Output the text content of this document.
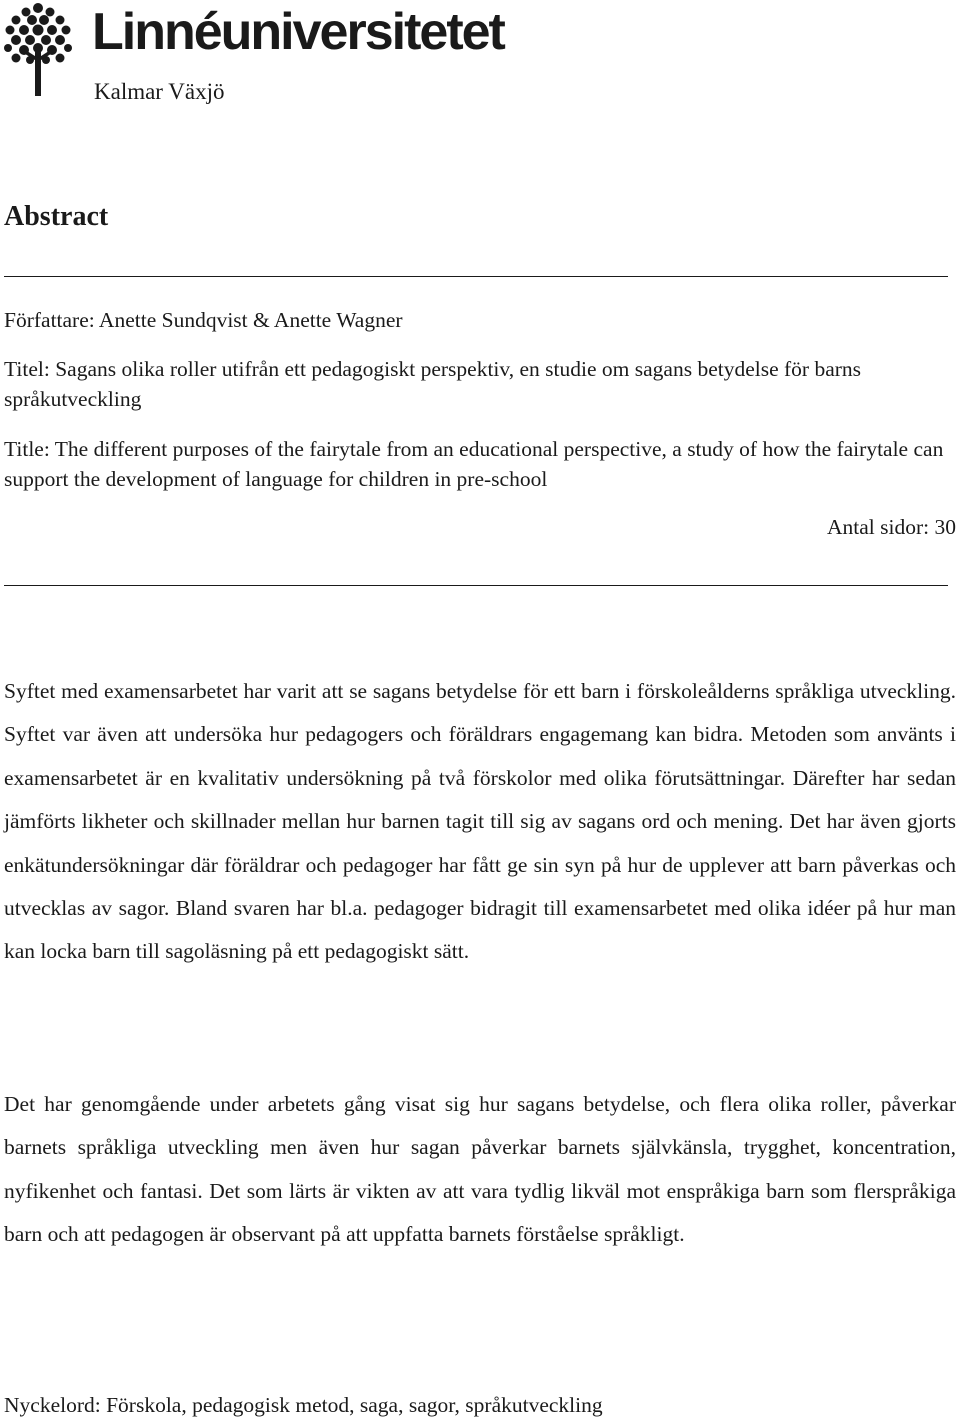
Linnéuniversitetet
Kalmar Växjö
Abstract

Författare: Anette Sundqvist & Anette Wagner

Titel: Sagans olika roller utifrån ett pedagogiskt perspektiv, en studie om sagans betydelse för barns språkutveckling

Title: The different purposes of the fairytale from an educational perspective, a study of how the fairytale can support the development of language for children in pre-school

Antal sidor: 30

Syftet med examensarbetet har varit att se sagans betydelse för ett barn i förskoleålderns språkliga utveckling. Syftet var även att undersöka hur pedagogers och föräldrars engagemang kan bidra. Metoden som använts i examensarbetet är en kvalitativ undersökning på två förskolor med olika förutsättningar. Därefter har sedan jämförts likheter och skillnader mellan hur barnen tagit till sig av sagans ord och mening. Det har även gjorts enkätundersökningar där föräldrar och pedagoger har fått ge sin syn på hur de upplever att barn påverkas och utvecklas av sagor. Bland svaren har bl.a. pedagoger bidragit till examensarbetet med olika idéer på hur man kan locka barn till sagoläsning på ett pedagogiskt sätt.

Det har genomgående under arbetets gång visat sig hur sagans betydelse, och flera olika roller, påverkar barnets språkliga utveckling men även hur sagan påverkar barnets självkänsla, trygghet, koncentration, nyfikenhet och fantasi. Det som lärts är vikten av att vara tydlig likväl mot enspråkiga barn som flerspråkiga barn och att pedagogen är observant på att uppfatta barnets förståelse språkligt.

Nyckelord: Förskola, pedagogisk metod, saga, sagor, språkutveckling
